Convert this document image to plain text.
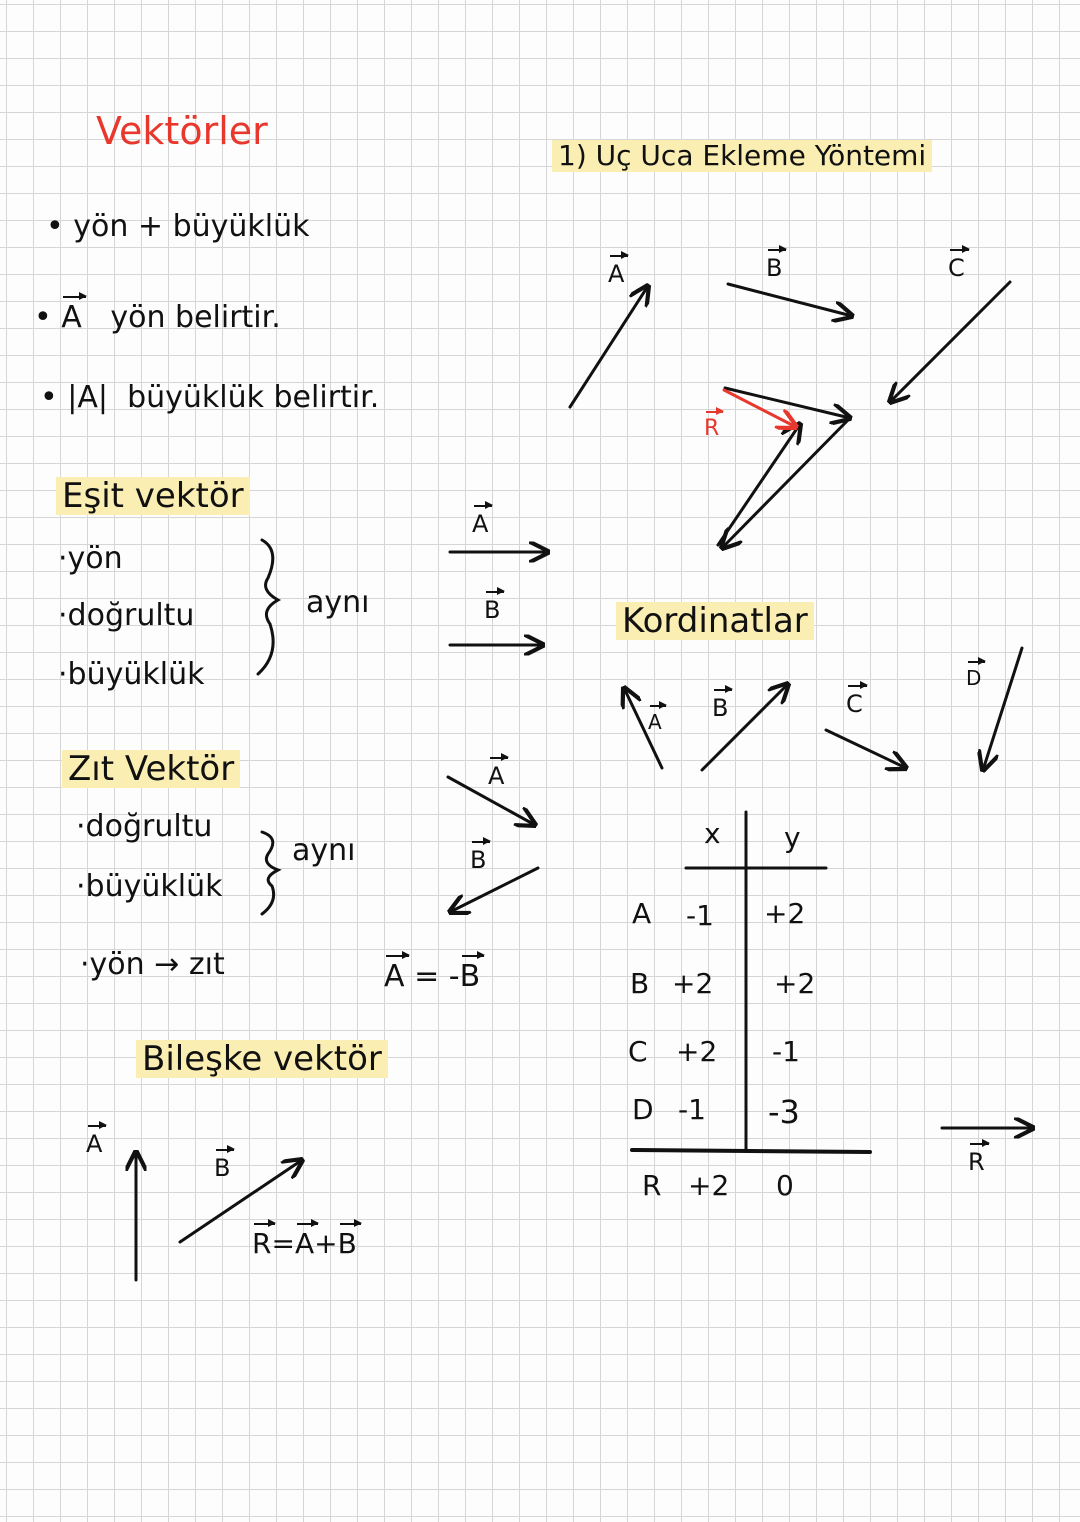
Vektörler
• yön + büyüklük
• A yön belirtir.
• |A| büyüklük belirtir.
Eşit vektör
·yön
·doğrultu
·büyüklük
aynı
A
B
Zıt Vektör
·doğrultu
·büyüklük
aynı
·yön → zıt
A
B
A = -B
Bileşke vektör
A
B
R=A+B
1) Uç Uca Ekleme Yöntemi
A	B	C
R
Kordinatlar
A B	C
D
x y
A -1 +2
B +2 +2
C +2 -1
D -1 -3
R +2 0
R
